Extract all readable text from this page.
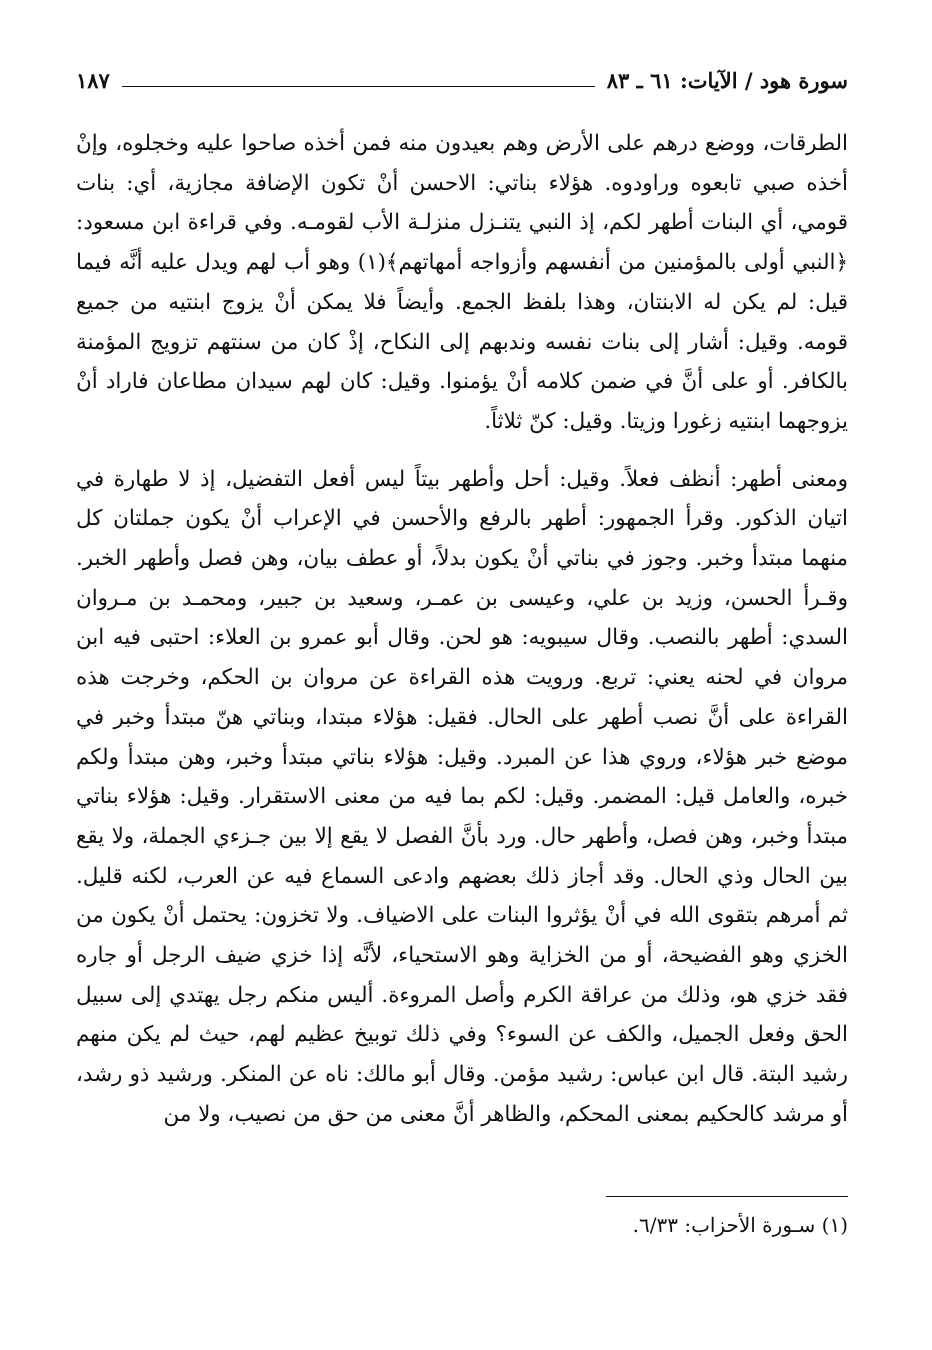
سورة هود / الآيات: ٦١ ـ ٨٣
١٨٧

الطرقات، ووضع درهم على الأرض وهم بعيدون منه فمن أخذه صاحوا عليه وخجلوه، وإنْ أخذه صبي تابعوه وراودوه. هؤلاء بناتي: الاحسن أنْ تكون الإضافة مجازية، أي: بنات قومي، أي البنات أطهر لكم، إذ النبي يتنـزل منزلـة الأب لقومـه. وفي قراءة ابن مسعود: ﴿النبي أولى بالمؤمنين من أنفسهم وأزواجه أمهاتهم﴾(١) وهو أب لهم ويدل عليه أنَّه فيما قيل: لم يكن له الابنتان، وهذا بلفظ الجمع. وأيضاً فلا يمكن أنْ يزوج ابنتيه من جميع قومه. وقيل: أشار إلى بنات نفسه وندبهم إلى النكاح، إذْ كان من سنتهم تزويج المؤمنة بالكافر. أو على أنَّ في ضمن كلامه أنْ يؤمنوا. وقيل: كان لهم سيدان مطاعان فاراد أنْ يزوجهما ابنتيه زغورا وزيتا. وقيل: كنّ ثلاثاً.

ومعنى أطهر: أنظف فعلاً. وقيل: أحل وأطهر بيتاً ليس أفعل التفضيل، إذ لا طهارة في اتيان الذكور. وقرأ الجمهور: أطهر بالرفع والأحسن في الإعراب أنْ يكون جملتان كل منهما مبتدأ وخبر. وجوز في بناتي أنْ يكون بدلاً، أو عطف بيان، وهن فصل وأطهر الخبر. وقـرأ الحسن، وزيد بن علي، وعيسى بن عمـر، وسعيد بن جبير، ومحمـد بن مـروان السدي: أطهر بالنصب. وقال سيبويه: هو لحن. وقال أبو عمرو بن العلاء: احتبى فيه ابن مروان في لحنه يعني: تربع. ورويت هذه القراءة عن مروان بن الحكم، وخرجت هذه القراءة على أنَّ نصب أطهر على الحال. فقيل: هؤلاء مبتدا، وبناتي هنّ مبتدأ وخبر في موضع خبر هؤلاء، وروي هذا عن المبرد. وقيل: هؤلاء بناتي مبتدأ وخبر، وهن مبتدأ ولكم خبره، والعامل قيل: المضمر. وقيل: لكم بما فيه من معنى الاستقرار. وقيل: هؤلاء بناتي مبتدأ وخبر، وهن فصل، وأطهر حال. ورد بأنَّ الفصل لا يقع إلا بين جـزءي الجملة، ولا يقع بين الحال وذي الحال. وقد أجاز ذلك بعضهم وادعى السماع فيه عن العرب، لكنه قليل. ثم أمرهم بتقوى الله في أنْ يؤثروا البنات على الاضياف. ولا تخزون: يحتمل أنْ يكون من الخزي وهو الفضيحة، أو من الخزاية وهو الاستحياء، لأنَّه إذا خزي ضيف الرجل أو جاره فقد خزي هو، وذلك من عراقة الكرم وأصل المروءة. أليس منكم رجل يهتدي إلى سبيل الحق وفعل الجميل، والكف عن السوء؟ وفي ذلك توبيخ عظيم لهم، حيث لم يكن منهم رشيد البتة. قال ابن عباس: رشيد مؤمن. وقال أبو مالك: ناه عن المنكر. ورشيد ذو رشد، أو مرشد كالحكيم بمعنى المحكم، والظاهر أنَّ معنى من حق من نصيب، ولا من

(١) سـورة الأحزاب: ٦/٣٣.
